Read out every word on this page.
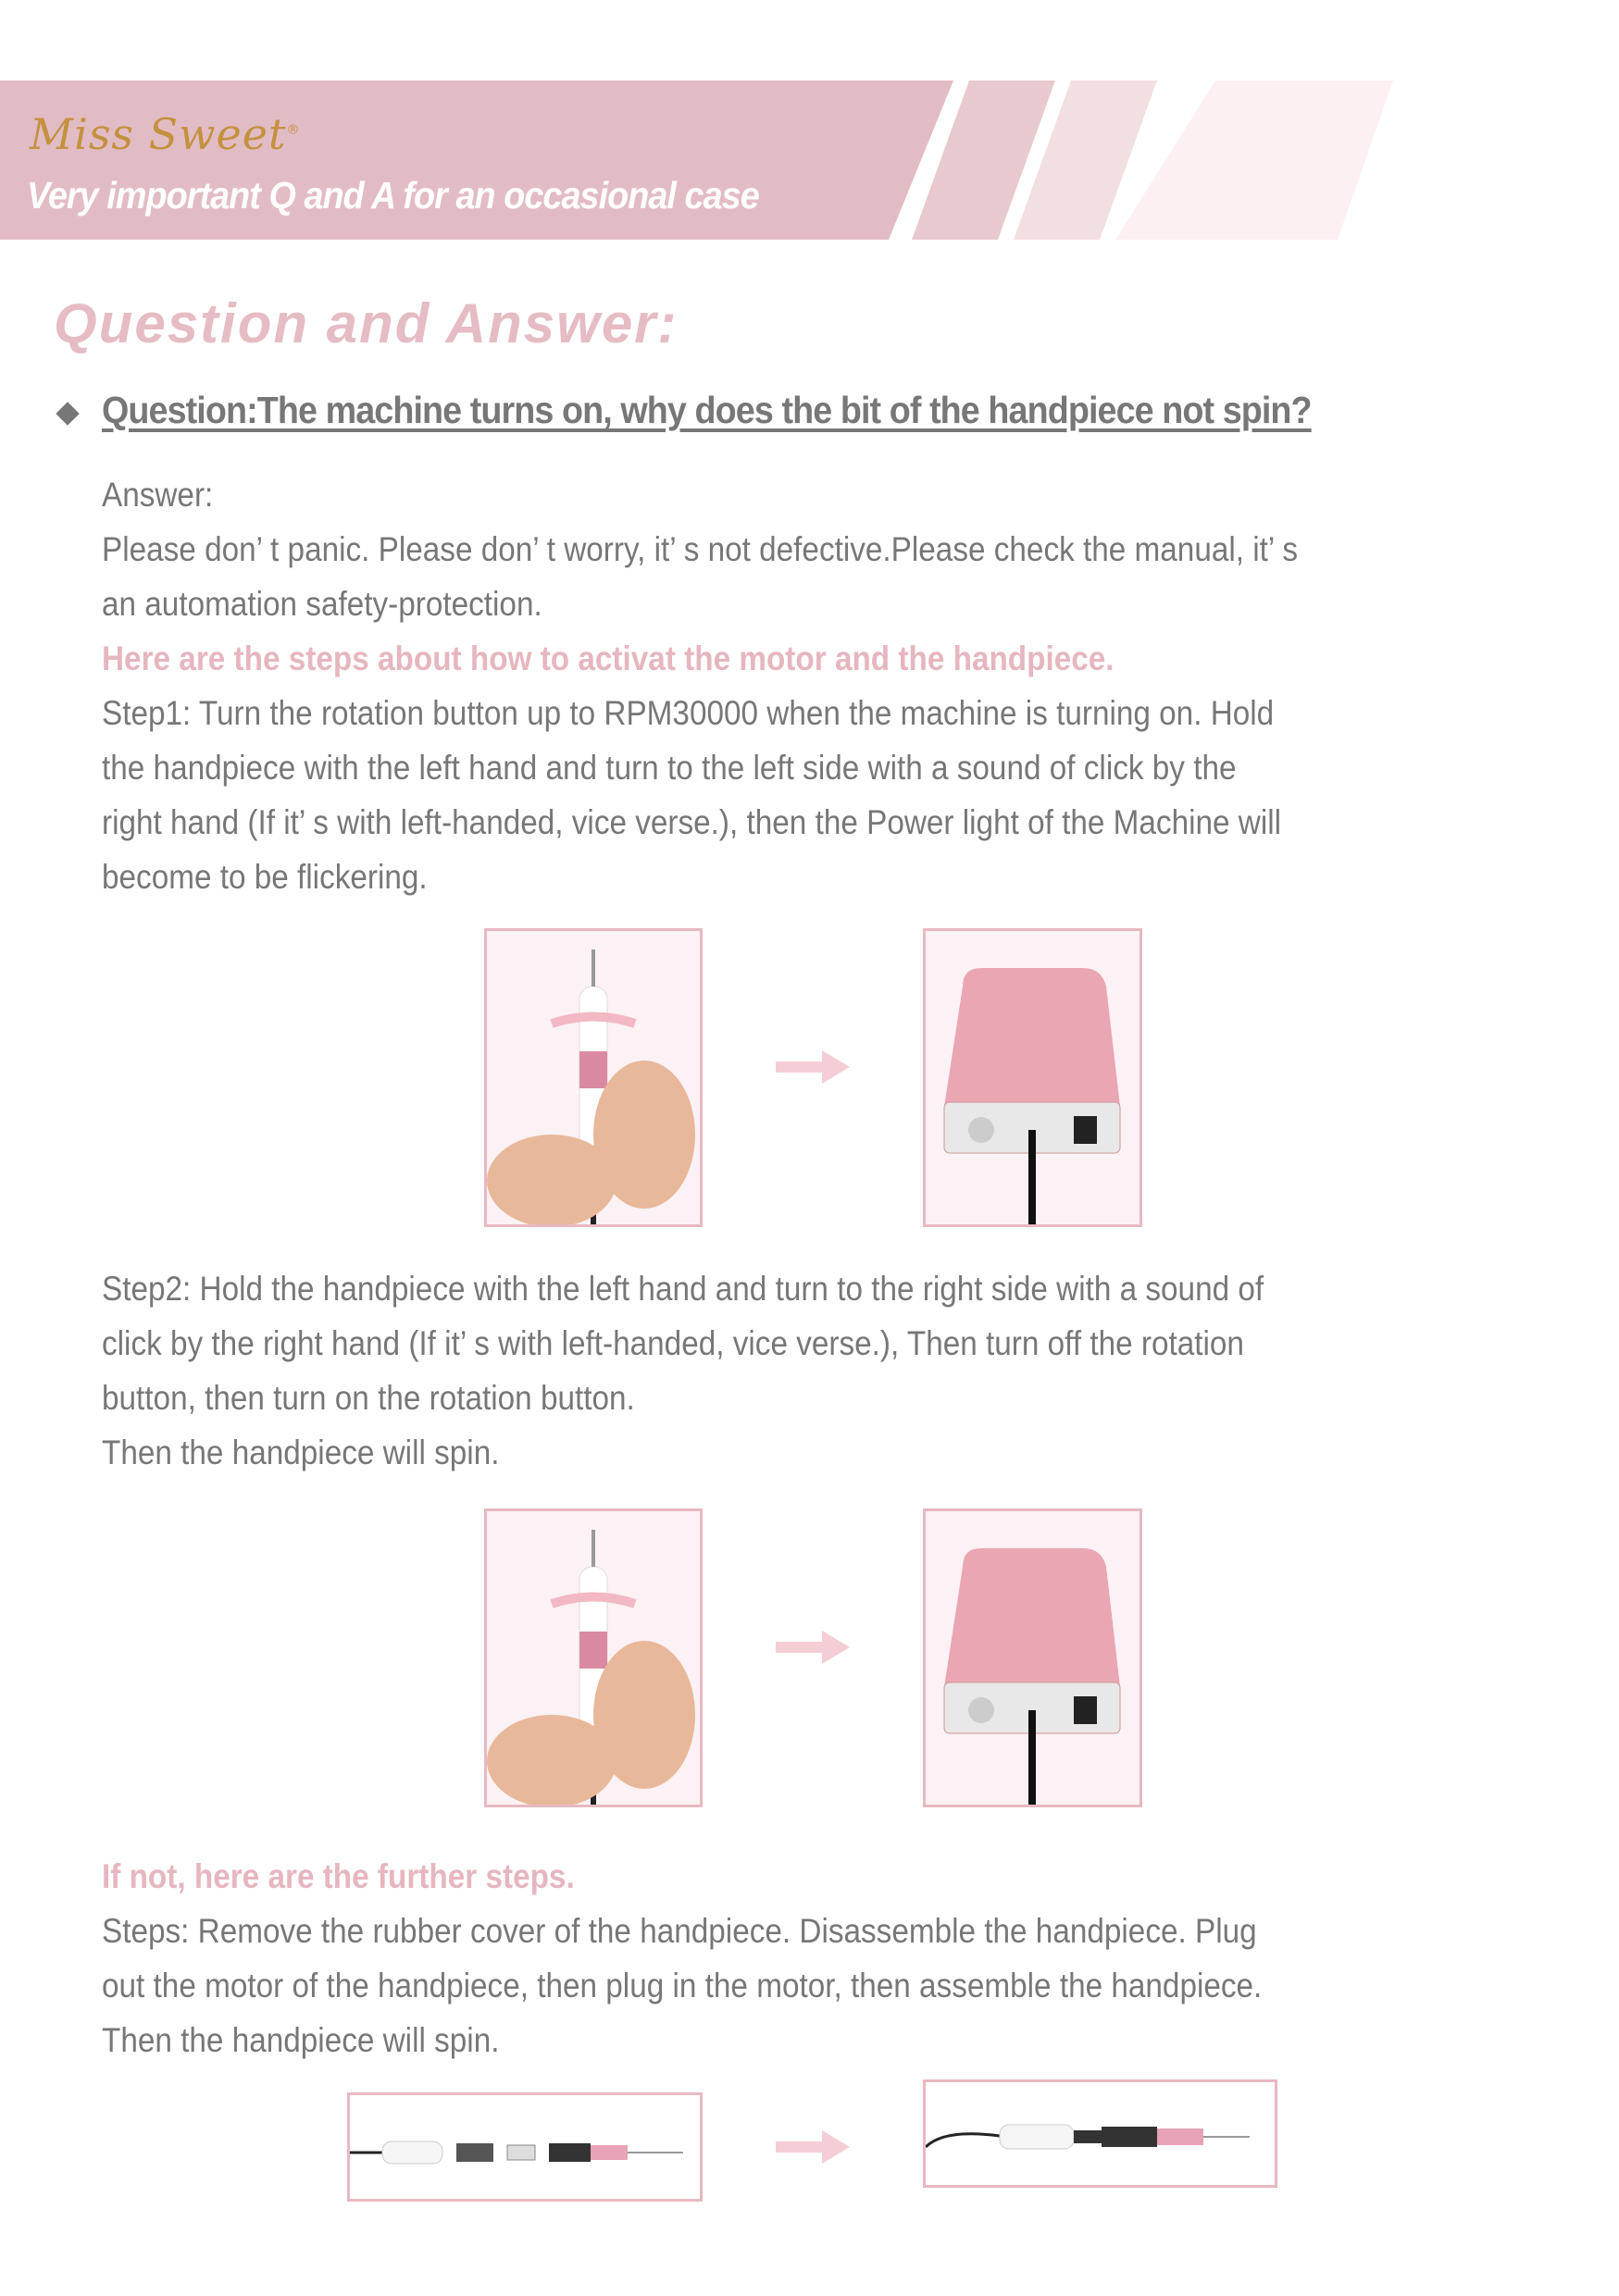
Miss Sweet®
Very important Q and A for an occasional case
Question and Answer:
Question:The machine turns on, why does the bit of the handpiece not spin?
Answer:
Please don’ t panic. Please don’ t worry, it’ s not defective.Please check the manual, it’ s
an automation safety-protection.
Here are the steps about how to activat the motor and the handpiece.
Step1: Turn the rotation button up to RPM30000 when the machine is turning on. Hold
the handpiece with the left hand and turn to the left side with a sound of click by the
right hand (If it’ s with left-handed, vice verse.), then the Power light of the Machine will
become to be flickering.
Step2: Hold the handpiece with the left hand and turn to the right side with a sound of
click by the right hand (If it’ s with left-handed, vice verse.), Then turn off the rotation
button, then turn on the rotation button.
Then the handpiece will spin.
If not, here are the further steps.
Steps: Remove the rubber cover of the handpiece. Disassemble the handpiece. Plug
out the motor of the handpiece, then plug in the motor, then assemble the handpiece.
Then the handpiece will spin.
